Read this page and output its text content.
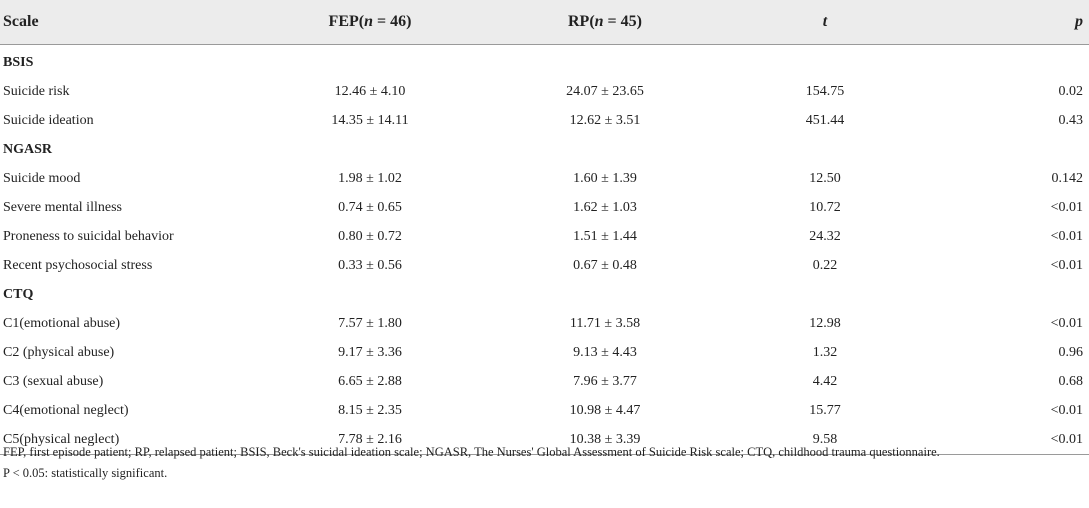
Scale	FEP(n = 46)	RP(n = 45)	t	p

BSIS				
Suicide risk	12.46 ± 4.10	24.07 ± 23.65	154.75	0.02
Suicide ideation	14.35 ± 14.11	12.62 ± 3.51	451.44	0.43
NGASR				
Suicide mood	1.98 ± 1.02	1.60 ± 1.39	12.50	0.142
Severe mental illness	0.74 ± 0.65	1.62 ± 1.03	10.72	<0.01
Proneness to suicidal behavior	0.80 ± 0.72	1.51 ± 1.44	24.32	<0.01
Recent psychosocial stress	0.33 ± 0.56	0.67 ± 0.48	0.22	<0.01
CTQ				
C1(emotional abuse)	7.57 ± 1.80	11.71 ± 3.58	12.98	<0.01
C2 (physical abuse)	9.17 ± 3.36	9.13 ± 4.43	1.32	0.96
C3 (sexual abuse)	6.65 ± 2.88	7.96 ± 3.77	4.42	0.68
C4(emotional neglect)	8.15 ± 2.35	10.98 ± 4.47	15.77	<0.01
C5(physical neglect)	7.78 ± 2.16	10.38 ± 3.39	9.58	<0.01
FEP, first episode patient; RP, relapsed patient; BSIS, Beck's suicidal ideation scale; NGASR, The Nurses' Global Assessment of Suicide Risk scale; CTQ, childhood trauma questionnaire.
P < 0.05: statistically significant.
